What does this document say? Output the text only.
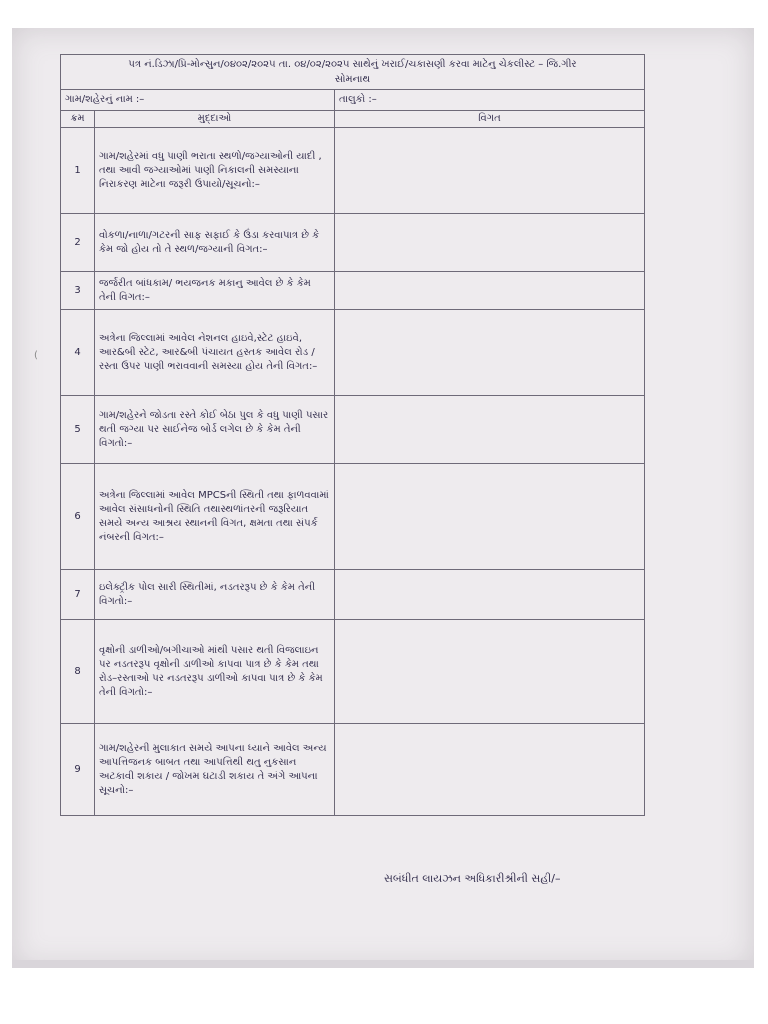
(
પત્ર નં.ડિઝા/પ્રિ-મોન્સુન/૦૪૦૨/૨૦૨૫ તા. ૦૪/૦૨/૨૦૨૫ સાથેનું ખરાઈ/ચકાસણી કરવા માટેનુ ચેકલીસ્ટ – જિ.ગીર
સોમનાથ		

ગામ/શહેરનું નામ :–		તાલુકો :–
ક્રમ	મુદ્દાઓ	વિગત
1	ગામ/શહેરમાં વધુ પાણી ભરાતા સ્થળો/જગ્યાઓની યાદી , તથા આવી જગ્યાઓમાં પાણી નિકાલની સમસ્યાના નિરાકરણ માટેના જરૂરી ઉપાયો/સૂચનો:–	
2	વોકળા/નાળા/ગટરની સાફ સફાઈ કે ઉંડા કરવાપાત્ર છે કે કેમ જો હોય તો તે સ્થળ/જગ્યાની વિગત:–	
3	જર્જરીત બાંધકામ/ ભયજનક મકાનુ આવેલ છે કે કેમ તેની વિગત:–	
4	અત્રેના જિલ્લામાં આવેલ નેશનલ હાઇવે,સ્ટેટ હાઇવે, આર&બી સ્ટેટ, આર&બી પંચાયત હસ્તક આવેલ રોડ / રસ્તા ઉપર પાણી ભરાવવાની સમસ્યા હોય તેની વિગત:–	
5	ગામ/શહેરને જોડતા રસ્તે કોઈ બેઠા પુલ કે વધુ પાણી પસાર થતી જગ્યા પર સાઈનેજ બોર્ડ લગેલ છે કે કેમ તેની વિગતો:–	
6	અત્રેના જિલ્લામાં આવેલ MPCSની સ્થિતી તથા ફાળવવામાં આવેલ સંસાધનોની સ્થિતિ તથાસ્થળાંતરની જરૂરિયાત સમયે અન્ય આશ્રય સ્થાનની વિગત, ક્ષમતા તથા સંપર્ક નંબરની વિગત:–	
7	ઇલેક્ટ્રીક પોલ સારી સ્થિતીમાં, નડતરરૂપ છે કે કેમ તેની વિગતો:–	
8	વૃક્ષોની ડાળીઓ/બગીચાઓ માંથી પસાર થતી વિજલાઇન પર નડતરરૂપ વૃક્ષોની ડાળીઓ કાપવા પાત્ર છે કે કેમ તથા રોડ–રસ્તાઓ પર નડતરરૂપ ડાળીઓ કાપવા પાત્ર છે કે કેમ તેની વિગતો:–	
9	ગામ/શહેરની મુલાકાત સમયે આપના ધ્યાને આવેલ અન્ય આપત્તિજનક બાબત તથા આપત્તિથી થતુ નુકસાન અટકાવી શકાય / જોખમ ઘટાડી શકાય તે અંગે આપના સૂચનો:–	
સબંધીત લાયઝન અધિકારીશ્રીની સહી/–
